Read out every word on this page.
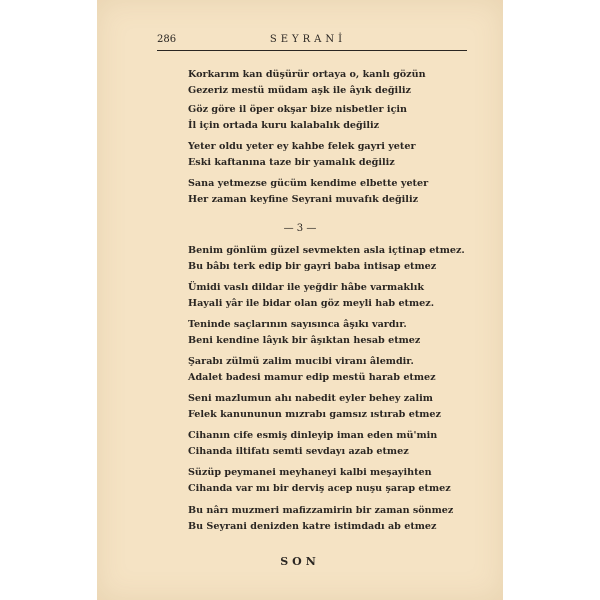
286	SEYRANİ
Korkarım kan düşürür ortaya o, kanlı gözün
Gezeriz mestü müdam aşk ile âyık değiliz
Göz göre il öper okşar bize nisbetler için
İl için ortada kuru kalabalık değiliz
Yeter oldu yeter ey kahbe felek gayri yeter
Eski kaftanına taze bir yamalık değiliz
Sana yetmezse gücüm kendime elbette yeter
Her zaman keyfine Seyrani muvafık değiliz
— 3 —
Benim gönlüm güzel sevmekten asla içtinap etmez.
Bu bâbı terk edip bir gayri baba intisap etmez
Ümidi vaslı dildar ile yeğdir hâbe varmaklık
Hayali yâr ile bidar olan göz meyli hab etmez.
Teninde saçlarının sayısınca âşıkı vardır.
Beni kendine lâyık bir âşıktan hesab etmez
Şarabı zülmü zalim mucibi viranı âlemdir.
Adalet badesi mamur edip mestü harab etmez
Seni mazlumun ahı nabedit eyler behey zalim
Felek kanununun mızrabı gamsız ıstırab etmez
Cihanın cife esmiş dinleyip iman eden mü'min
Cihanda iltifatı semti sevdayı azab etmez
Süzüp peymanei meyhaneyi kalbi meşayihten
Cihanda var mı bir derviş acep nuşu şarap etmez
Bu nârı muzmeri mafizzamirin bir zaman sönmez
Bu Seyrani denizden katre istimdadı ab etmez
SON
